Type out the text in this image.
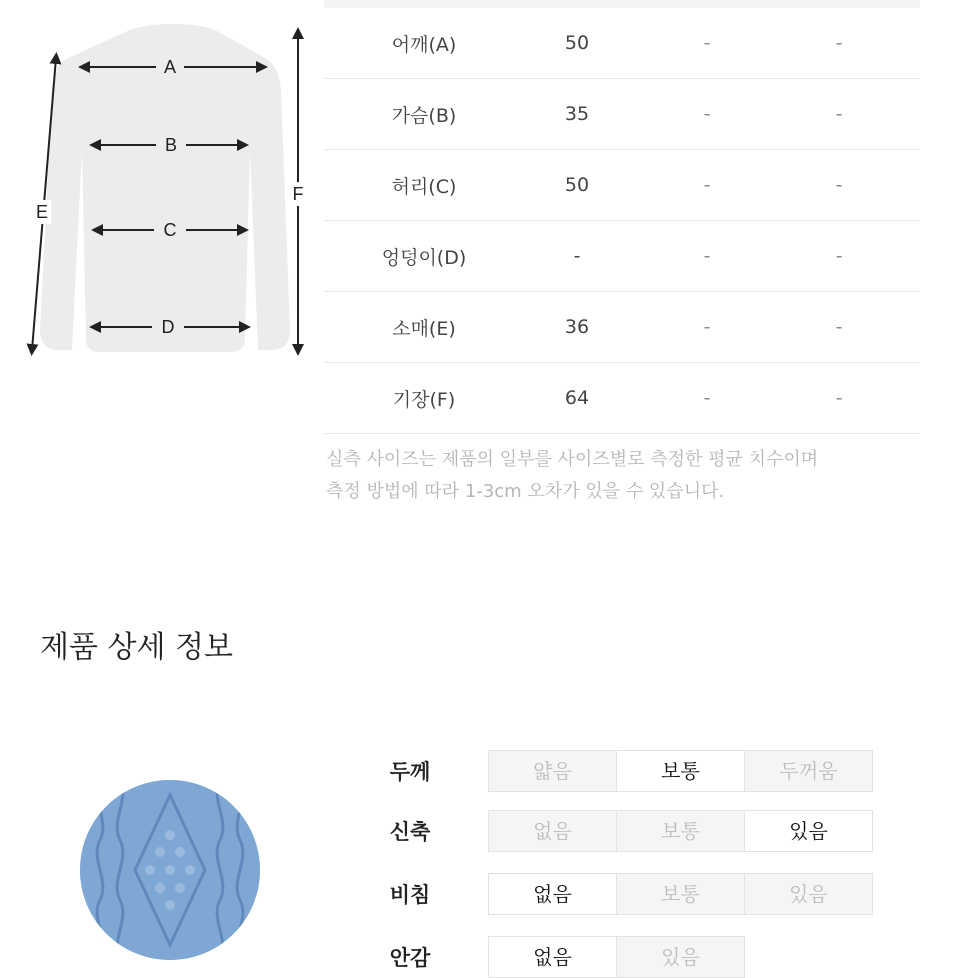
A
B
C
D
E
F
어깨(A)	50	-	-
가슴(B)	35	-	-
허리(C)	50	-	-
엉덩이(D)	-	-	-
소매(E)	36	-	-
기장(F)	64	-	-
실측 사이즈는 제품의 일부를 사이즈별로 측정한 평균 치수이며
측정 방법에 따라 1-3cm 오차가 있을 수 있습니다.
제품 상세 정보
두께	얇음	보통	두꺼움
신축	없음	보통	있음
비침	없음	보통	있음
안감	없음	있음
